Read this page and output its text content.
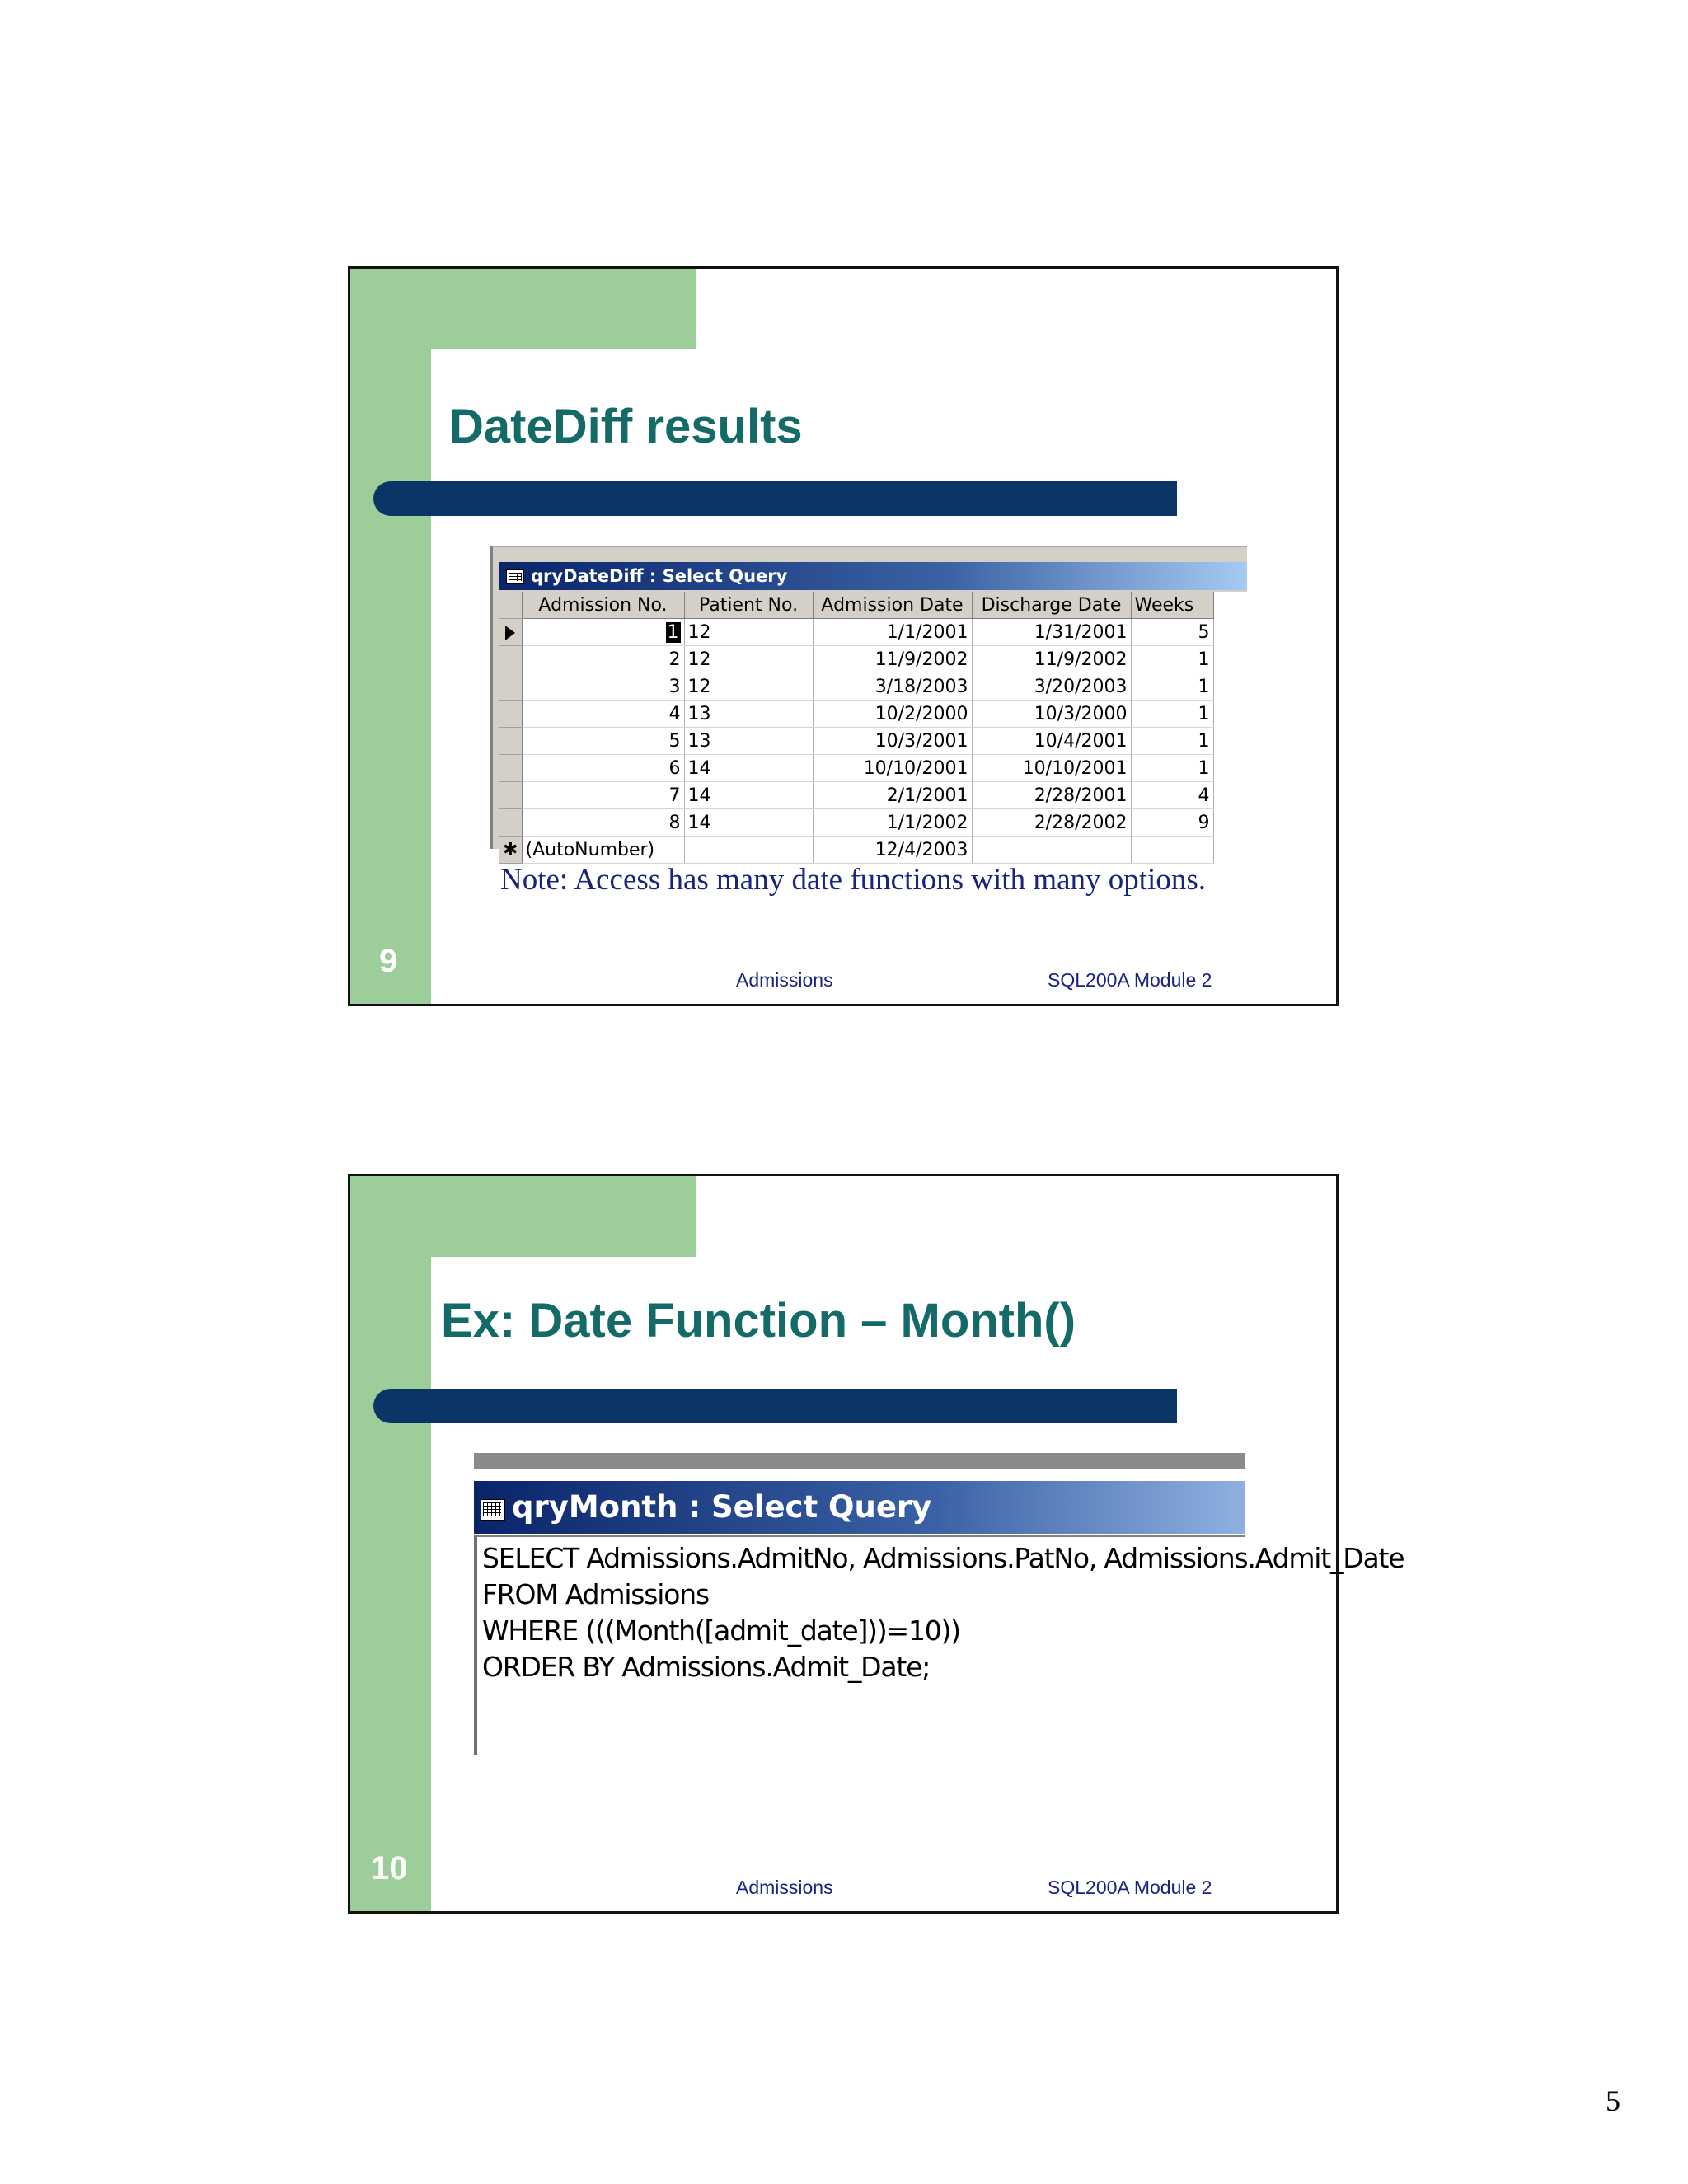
DateDiff results
qryDateDiff : Select Query
	Admission No.	Patient No.	Admission Date	Discharge Date	Weeks
	1	12	1/1/2001	1/31/2001	5
	2	12	11/9/2002	11/9/2002	1
	3	12	3/18/2003	3/20/2003	1
	4	13	10/2/2000	10/3/2000	1
	5	13	10/3/2001	10/4/2001	1
	6	14	10/10/2001	10/10/2001	1
	7	14	2/1/2001	2/28/2001	4
	8	14	1/1/2002	2/28/2002	9
✱	(AutoNumber)		12/4/2003		
Note: Access has many date functions with many options.
9
Admissions	SQL200A Module 2
Ex: Date Function – Month()
qryMonth : Select Query
SELECT Admissions.AdmitNo, Admissions.PatNo, Admissions.Admit_Date
FROM Admissions
WHERE (((Month([admit_date]))=10))
ORDER BY Admissions.Admit_Date;
10
Admissions	SQL200A Module 2
5
